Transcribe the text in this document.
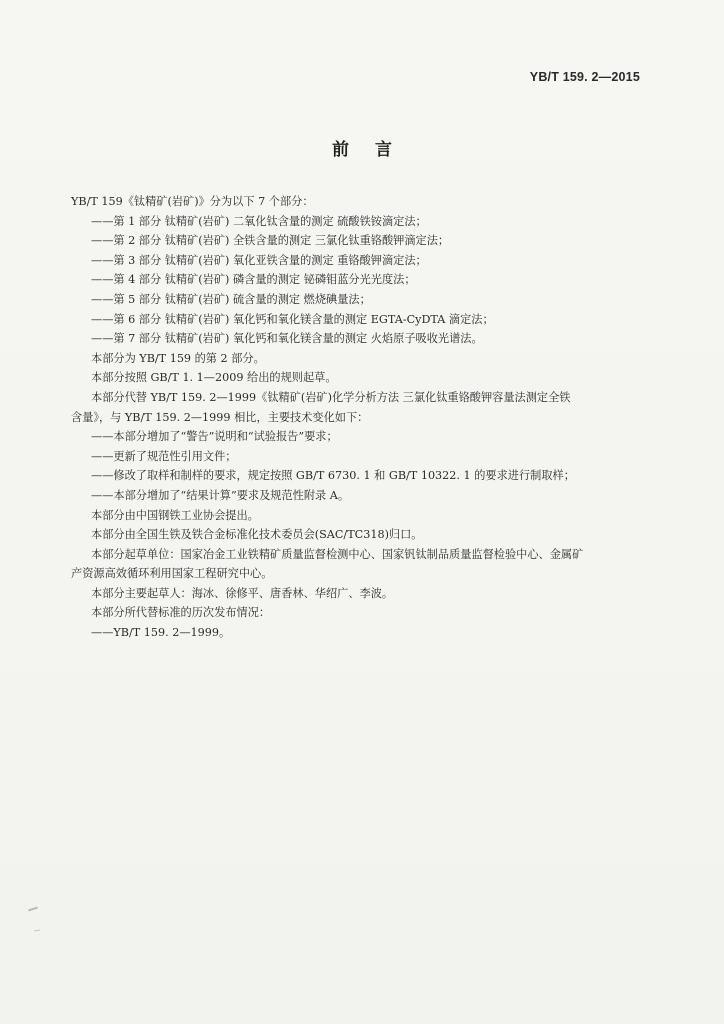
YB/T 159. 2—2015
前言
YB/T 159《钛精矿(岩矿)》分为以下 7 个部分：
——第 1 部分 钛精矿(岩矿) 二氧化钛含量的测定 硫酸铁铵滴定法；
——第 2 部分 钛精矿(岩矿) 全铁含量的测定 三氯化钛重铬酸钾滴定法；
——第 3 部分 钛精矿(岩矿) 氧化亚铁含量的测定 重铬酸钾滴定法；
——第 4 部分 钛精矿(岩矿) 磷含量的测定 铋磷钼蓝分光光度法；
——第 5 部分 钛精矿(岩矿) 硫含量的测定 燃烧碘量法；
——第 6 部分 钛精矿(岩矿) 氧化钙和氧化镁含量的测定 EGTA-CyDTA 滴定法；
——第 7 部分 钛精矿(岩矿) 氧化钙和氧化镁含量的测定 火焰原子吸收光谱法。
本部分为 YB/T 159 的第 2 部分。
本部分按照 GB/T 1. 1—2009 给出的规则起草。
本部分代替 YB/T 159. 2—1999《钛精矿(岩矿)化学分析方法 三氯化钛重铬酸钾容量法测定全铁
含量》，与 YB/T 159. 2—1999 相比，主要技术变化如下：
——本部分增加了“警告”说明和“试验报告”要求；
——更新了规范性引用文件；
——修改了取样和制样的要求，规定按照 GB/T 6730. 1 和 GB/T 10322. 1 的要求进行制取样；
——本部分增加了“结果计算”要求及规范性附录 A。
本部分由中国钢铁工业协会提出。
本部分由全国生铁及铁合金标准化技术委员会(SAC/TC318)归口。
本部分起草单位：国家冶金工业铁精矿质量监督检测中心、国家钒钛制品质量监督检验中心、金属矿
产资源高效循环利用国家工程研究中心。
本部分主要起草人：海冰、徐修平、唐香林、华绍广、李波。
本部分所代替标准的历次发布情况：
——YB/T 159. 2—1999。
